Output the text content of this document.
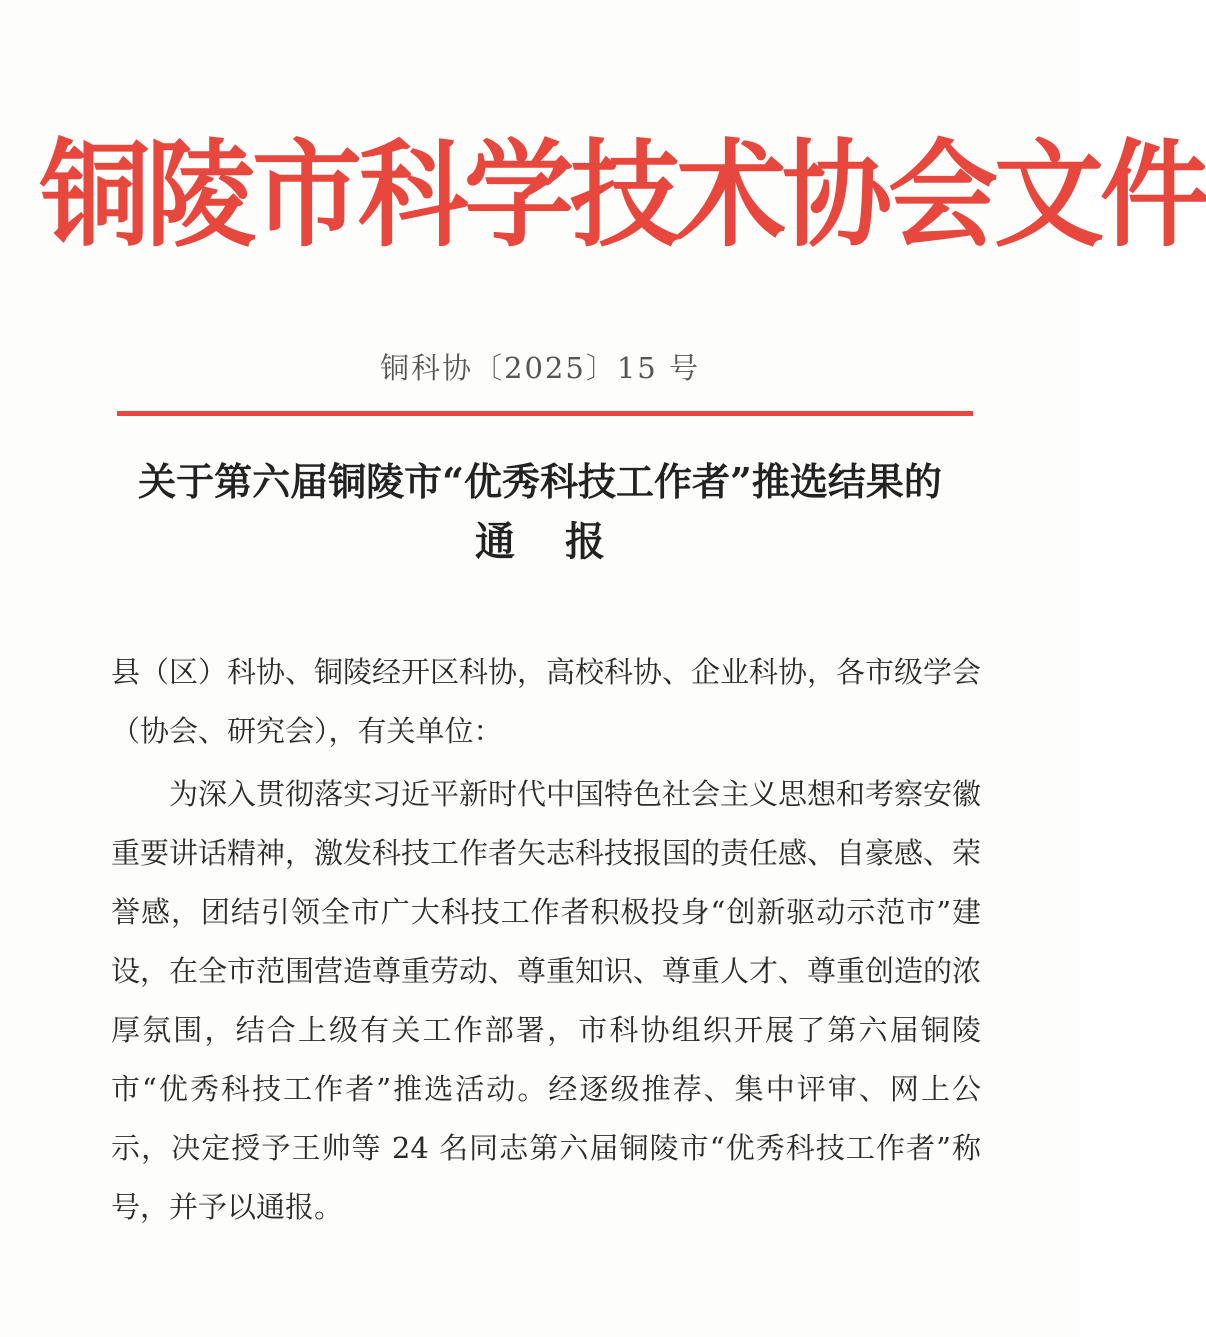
铜陵市科学技术协会文件
铜科协〔2025〕15 号
关于第六届铜陵市“优秀科技工作者”推选结果的
通报
县（区）科协、铜陵经开区科协，高校科协、企业科协，各市级学会（协会、研究会），有关单位：
为深入贯彻落实习近平新时代中国特色社会主义思想和考察安徽重要讲话精神，激发科技工作者矢志科技报国的责任感、自豪感、荣誉感，团结引领全市广大科技工作者积极投身“创新驱动示范市”建设，在全市范围营造尊重劳动、尊重知识、尊重人才、尊重创造的浓厚氛围，结合上级有关工作部署，市科协组织开展了第六届铜陵市“优秀科技工作者”推选活动。经逐级推荐、集中评审、网上公示，决定授予王帅等 24 名同志第六届铜陵市“优秀科技工作者”称号，并予以通报。
